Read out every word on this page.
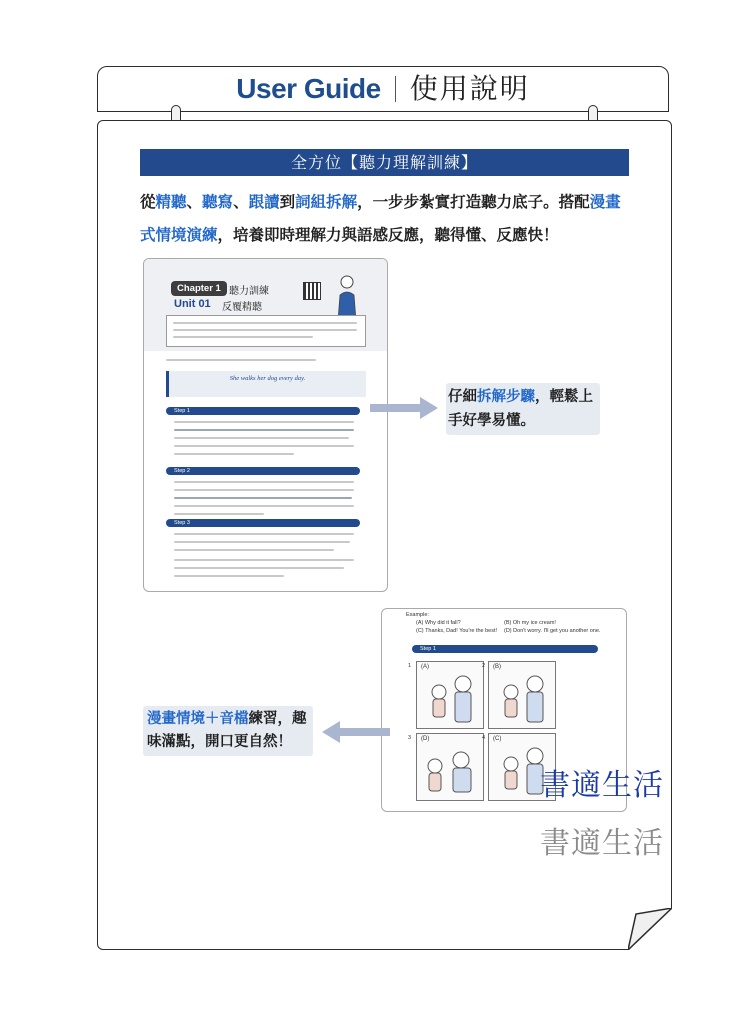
User Guide 使用說明
全方位【聽力理解訓練】
從精聽、聽寫、跟讀到詞組拆解，一步步紮實打造聽力底子。搭配漫畫式情境演練，培養即時理解力與語感反應，聽得懂、反應快！
Chapter 1 聽力訓練
Unit 01 反覆精聽
She walks her dog every day.
Step 1
Step 2
Step 3
仔細拆解步驟，輕鬆上手好學易懂。
Example:
(A) Why did it fall?
(C) Thanks, Dad! You're the best!
(B) Oh my ice cream!
(D) Don't worry. I'll get you another one.
Step 1
(A)	(B)
(D)	(C)
1	2
3	4
漫畫情境＋音檔練習，趣味滿點，開口更自然！
書適生活
書適生活
